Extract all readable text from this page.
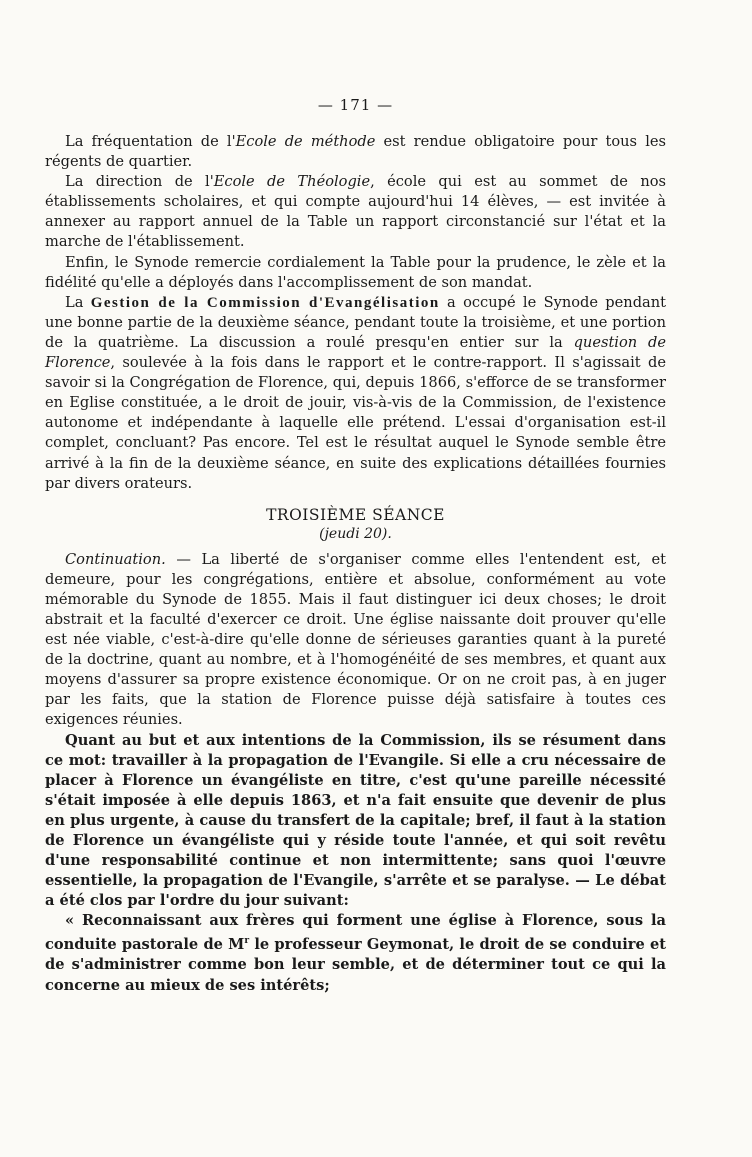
— 171 —

La fréquentation de l'Ecole de méthode est rendue obligatoire pour tous les régents de quartier.

La direction de l'Ecole de Théologie, école qui est au sommet de nos établissements scholaires, et qui compte aujourd'hui 14 élèves, — est invitée à annexer au rapport annuel de la Table un rapport circonstancié sur l'état et la marche de l'établissement.

Enfin, le Synode remercie cordialement la Table pour la prudence, le zèle et la fidélité qu'elle a déployés dans l'accomplissement de son mandat.

La Gestion de la Commission d'Evangélisation a occupé le Synode pendant une bonne partie de la deuxième séance, pendant toute la troisième, et une portion de la quatrième. La discussion a roulé presqu'en entier sur la question de Florence, soulevée à la fois dans le rapport et le contre-rapport. Il s'agissait de savoir si la Congrégation de Florence, qui, depuis 1866, s'efforce de se transformer en Eglise constituée, a le droit de jouir, vis-à-vis de la Commission, de l'existence autonome et indépendante à laquelle elle prétend. L'essai d'organisation est-il complet, concluant? Pas encore. Tel est le résultat auquel le Synode semble être arrivé à la fin de la deuxième séance, en suite des explications détaillées fournies par divers orateurs.

TROISIÈME SÉANCE
(jeudi 20).

Continuation. — La liberté de s'organiser comme elles l'entendent est, et demeure, pour les congrégations, entière et absolue, conformément au vote mémorable du Synode de 1855. Mais il faut distinguer ici deux choses; le droit abstrait et la faculté d'exercer ce droit. Une église naissante doit prouver qu'elle est née viable, c'est-à-dire qu'elle donne de sérieuses garanties quant à la pureté de la doctrine, quant au nombre, et à l'homogénéité de ses membres, et quant aux moyens d'assurer sa propre existence économique. Or on ne croit pas, à en juger par les faits, que la station de Florence puisse déjà satisfaire à toutes ces exigences réunies.

Quant au but et aux intentions de la Commission, ils se résument dans ce mot: travailler à la propagation de l'Evangile. Si elle a cru nécessaire de placer à Florence un évangéliste en titre, c'est qu'une pareille nécessité s'était imposée à elle depuis 1863, et n'a fait ensuite que devenir de plus en plus urgente, à cause du transfert de la capitale; bref, il faut à la station de Florence un évangéliste qui y réside toute l'année, et qui soit revêtu d'une responsabilité continue et non intermittente; sans quoi l'œuvre essentielle, la propagation de l'Evangile, s'arrête et se paralyse. — Le débat a été clos par l'ordre du jour suivant:

« Reconnaissant aux frères qui forment une église à Florence, sous la conduite pastorale de $M^r$ le professeur Geymonat, le droit de se conduire et de s'administrer comme bon leur semble, et de déterminer tout ce qui la concerne au mieux de ses intérêts;
